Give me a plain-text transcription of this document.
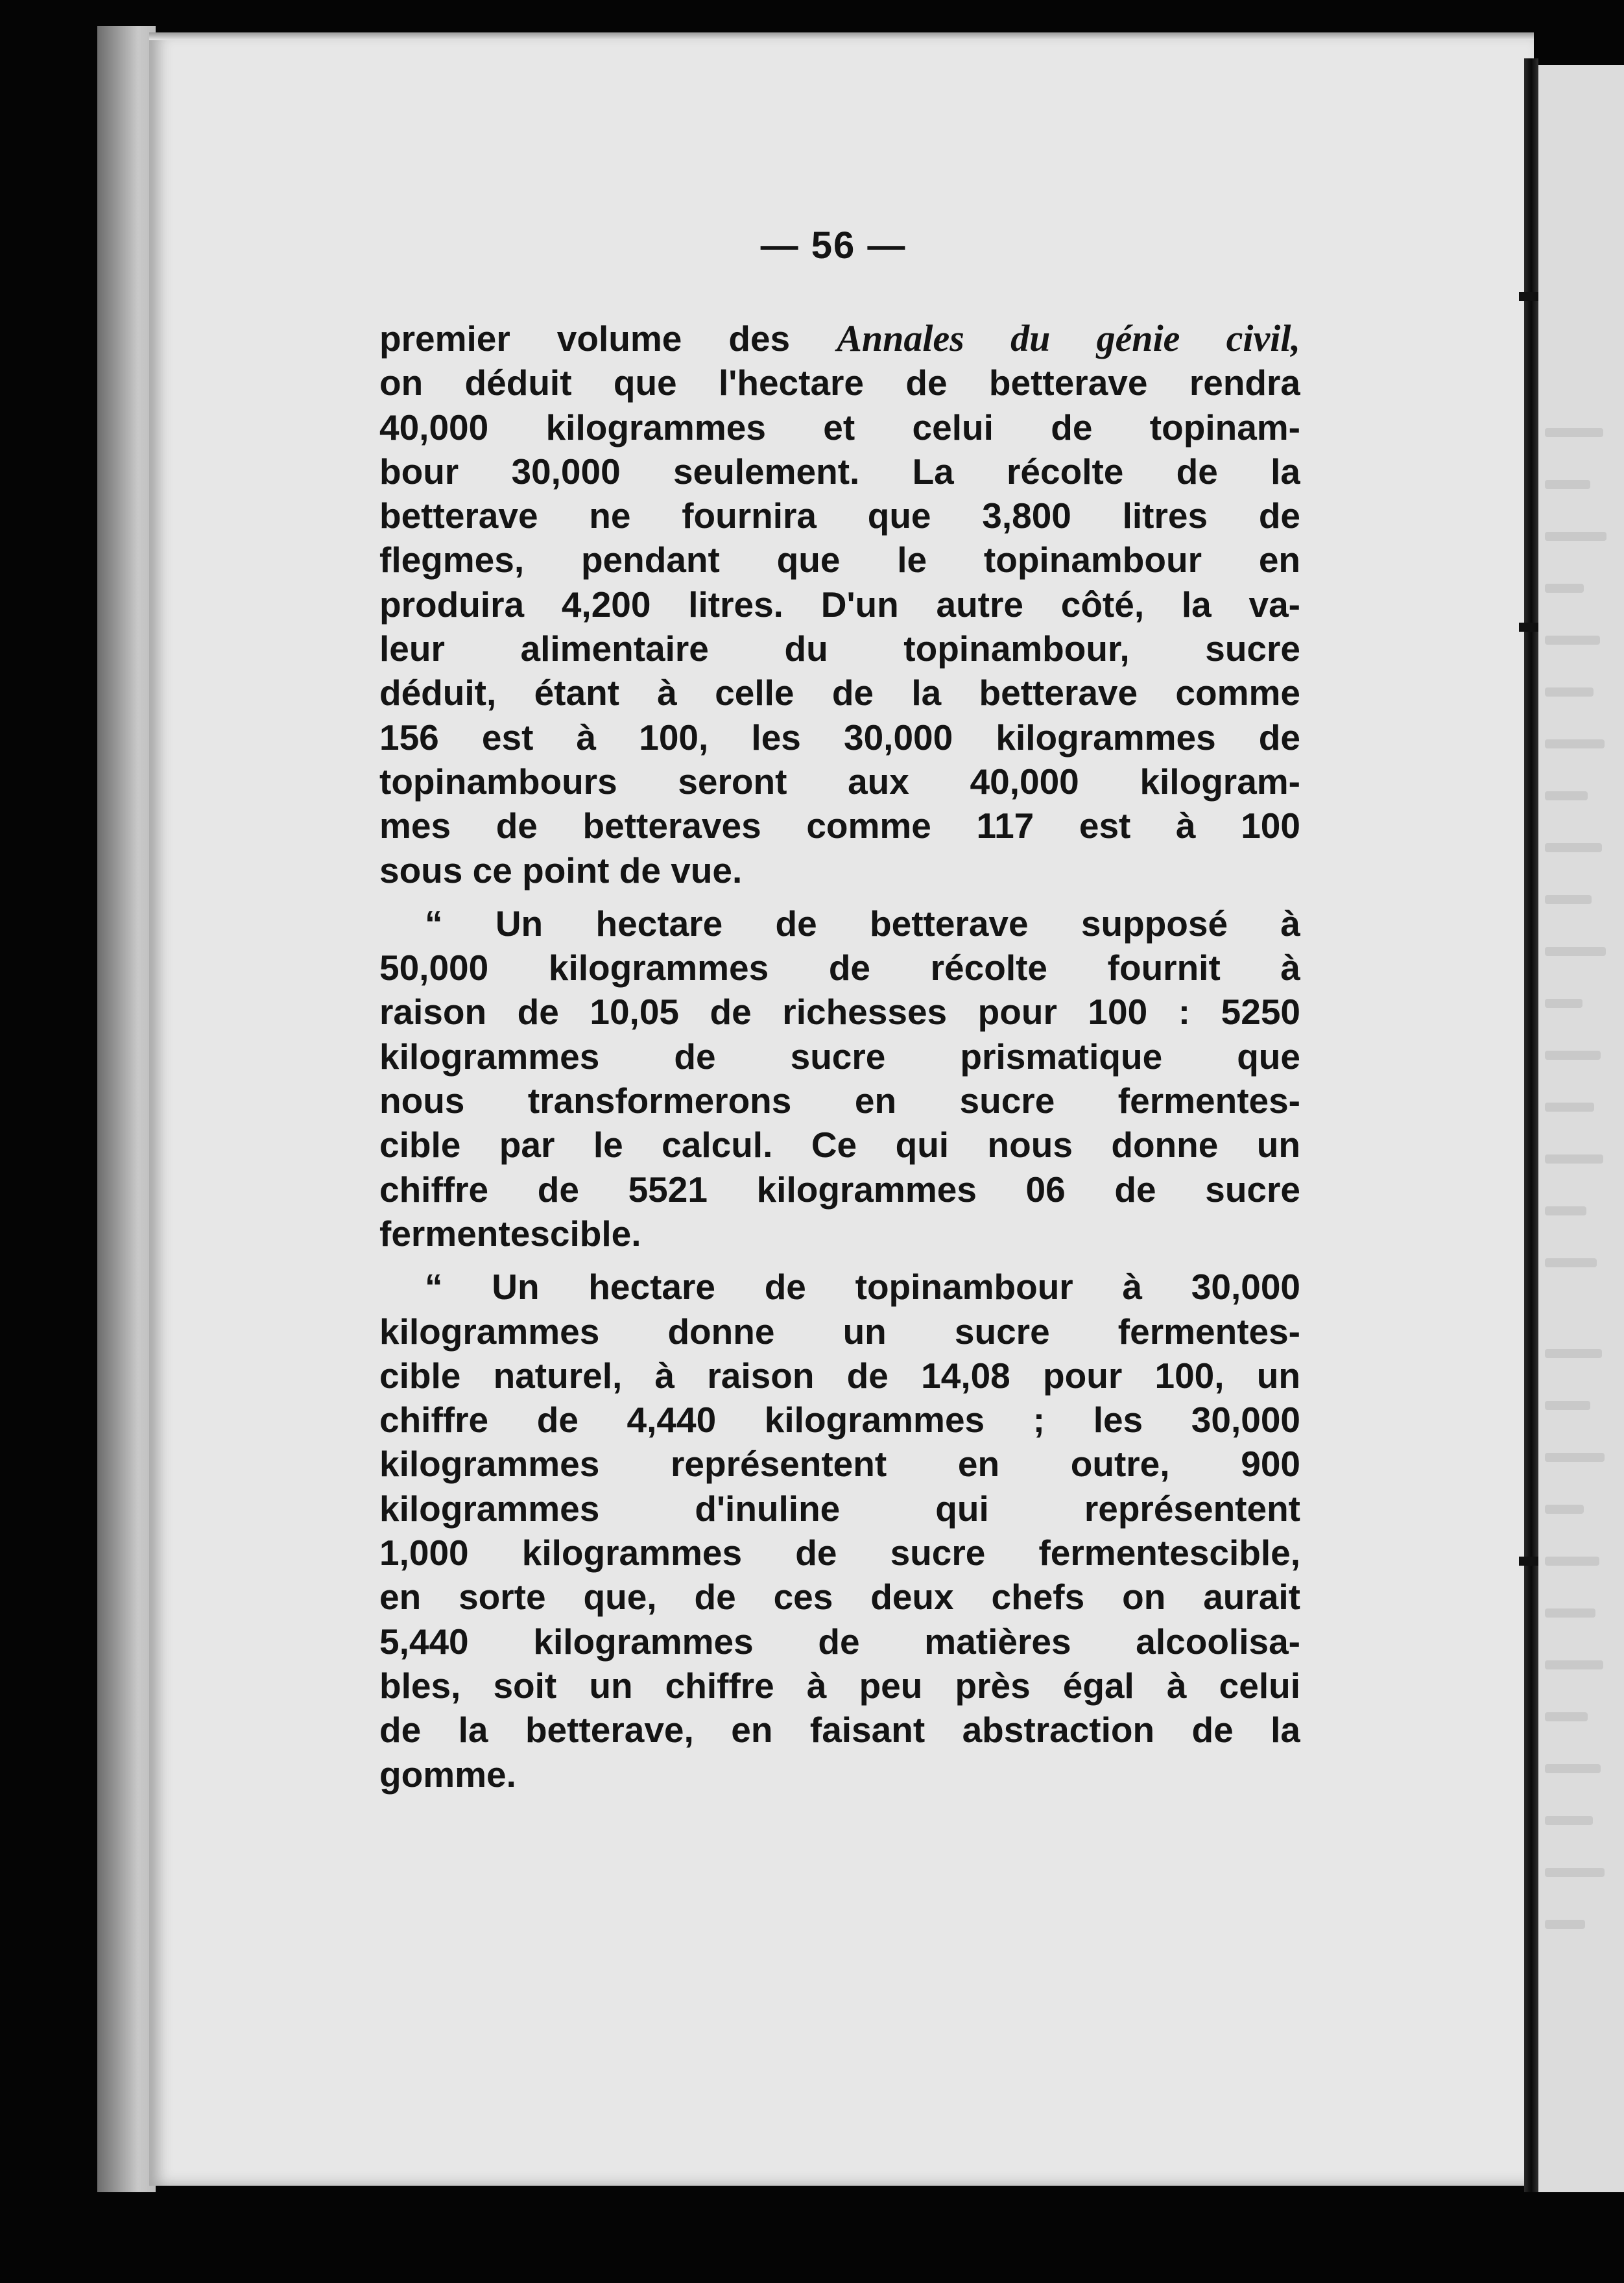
— 56 —
premier volume des Annales du génie civil,
on déduit que l'hectare de betterave rendra
40,000 kilogrammes et celui de topinam-
bour 30,000 seulement. La récolte de la
betterave ne fournira que 3,800 litres de
flegmes, pendant que le topinambour en
produira 4,200 litres. D'un autre côté, la va-
leur alimentaire du topinambour, sucre
déduit, étant à celle de la betterave comme
156 est à 100, les 30,000 kilogrammes de
topinambours seront aux 40,000 kilogram-
mes de betteraves comme 117 est à 100
sous ce point de vue.
“ Un hectare de betterave supposé à
50,000 kilogrammes de récolte fournit à
raison de 10,05 de richesses pour 100 : 5250
kilogrammes de sucre prismatique que
nous transformerons en sucre fermentes-
cible par le calcul. Ce qui nous donne un
chiffre de 5521 kilogrammes 06 de sucre
fermentescible.
“ Un hectare de topinambour à 30,000
kilogrammes donne un sucre fermentes-
cible naturel, à raison de 14,08 pour 100, un
chiffre de 4,440 kilogrammes ; les 30,000
kilogrammes représentent en outre, 900
kilogrammes d'inuline qui représentent
1,000 kilogrammes de sucre fermentescible,
en sorte que, de ces deux chefs on aurait
5,440 kilogrammes de matières alcoolisa-
bles, soit un chiffre à peu près égal à celui
de la betterave, en faisant abstraction de la
gomme.
